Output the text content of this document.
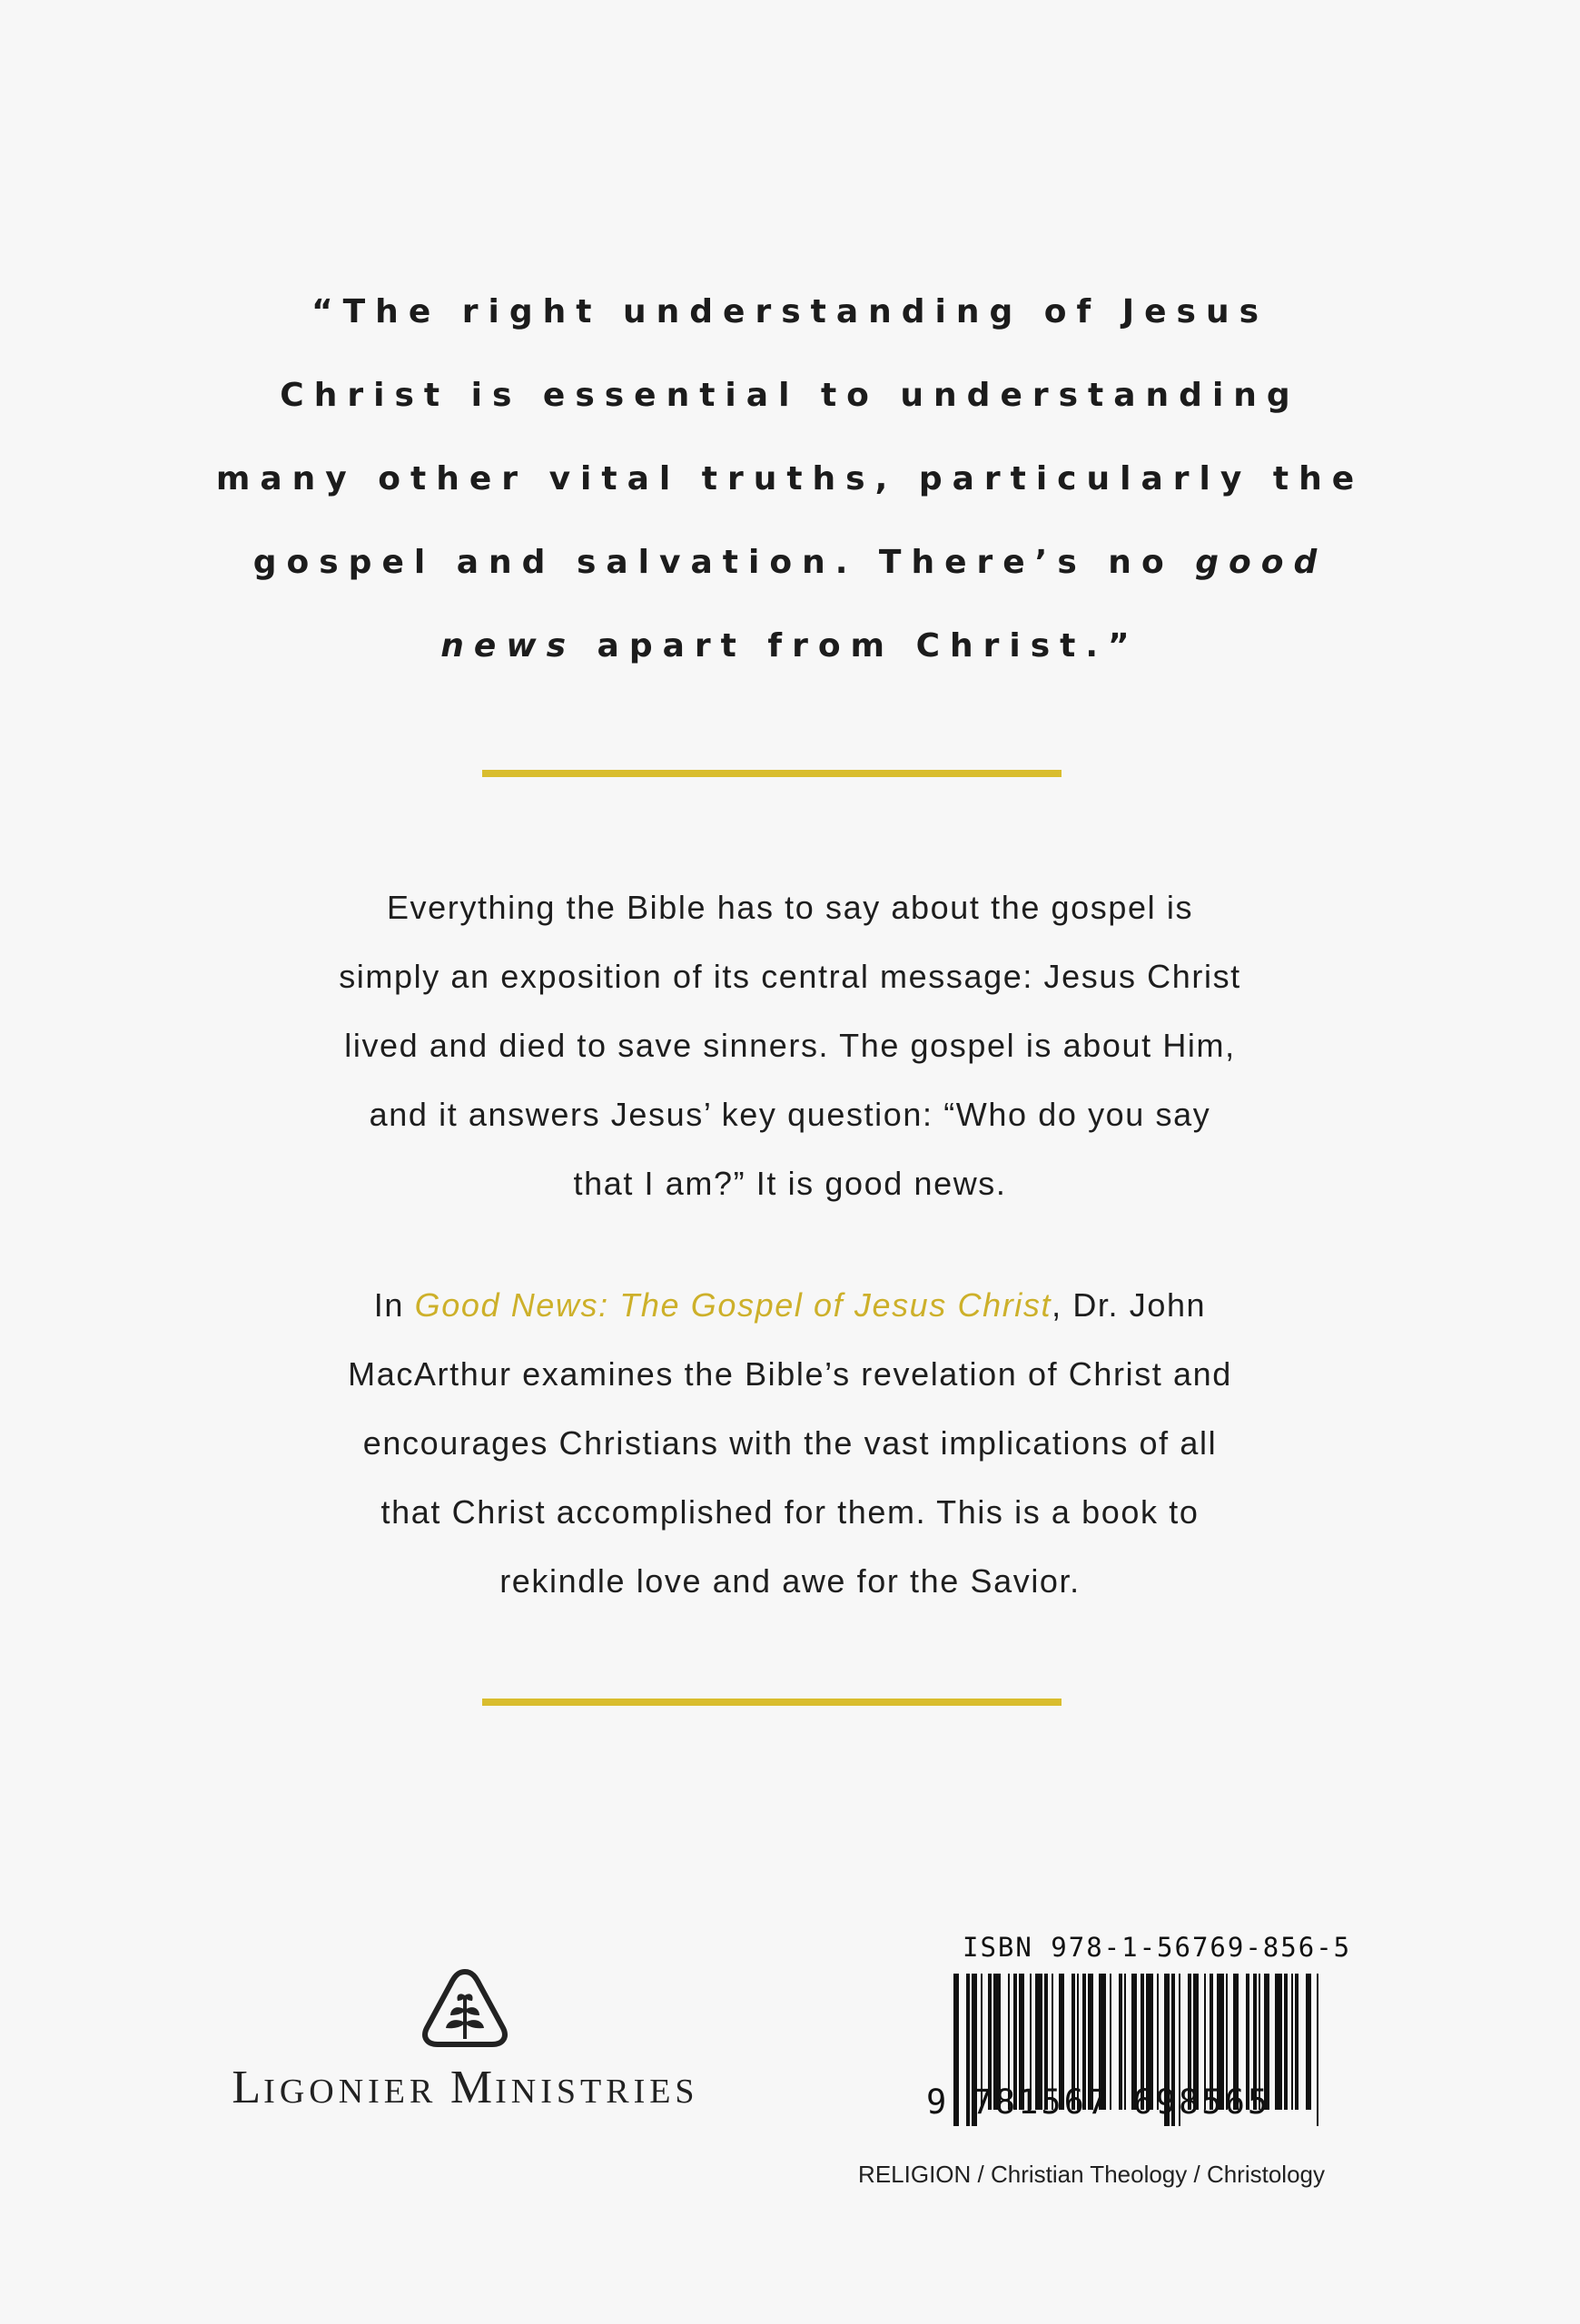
“The right understanding of Jesus
Christ is essential to understanding
many other vital truths, particularly the
gospel and salvation. There’s no good
news apart from Christ.”
Everything the Bible has to say about the gospel is
simply an exposition of its central message: Jesus Christ
lived and died to save sinners. The gospel is about Him,
and it answers Jesus’ key question: “Who do you say
that I am?” It is good news.
In Good News: The Gospel of Jesus Christ, Dr. John
MacArthur examines the Bible’s revelation of Christ and
encourages Christians with the vast implications of all
that Christ accomplished for them. This is a book to
rekindle love and awe for the Savior.
LIGONIER MINISTRIES
ISBN 978-1-56769-856-5
9 781567 698565
RELIGION / Christian Theology / Christology
